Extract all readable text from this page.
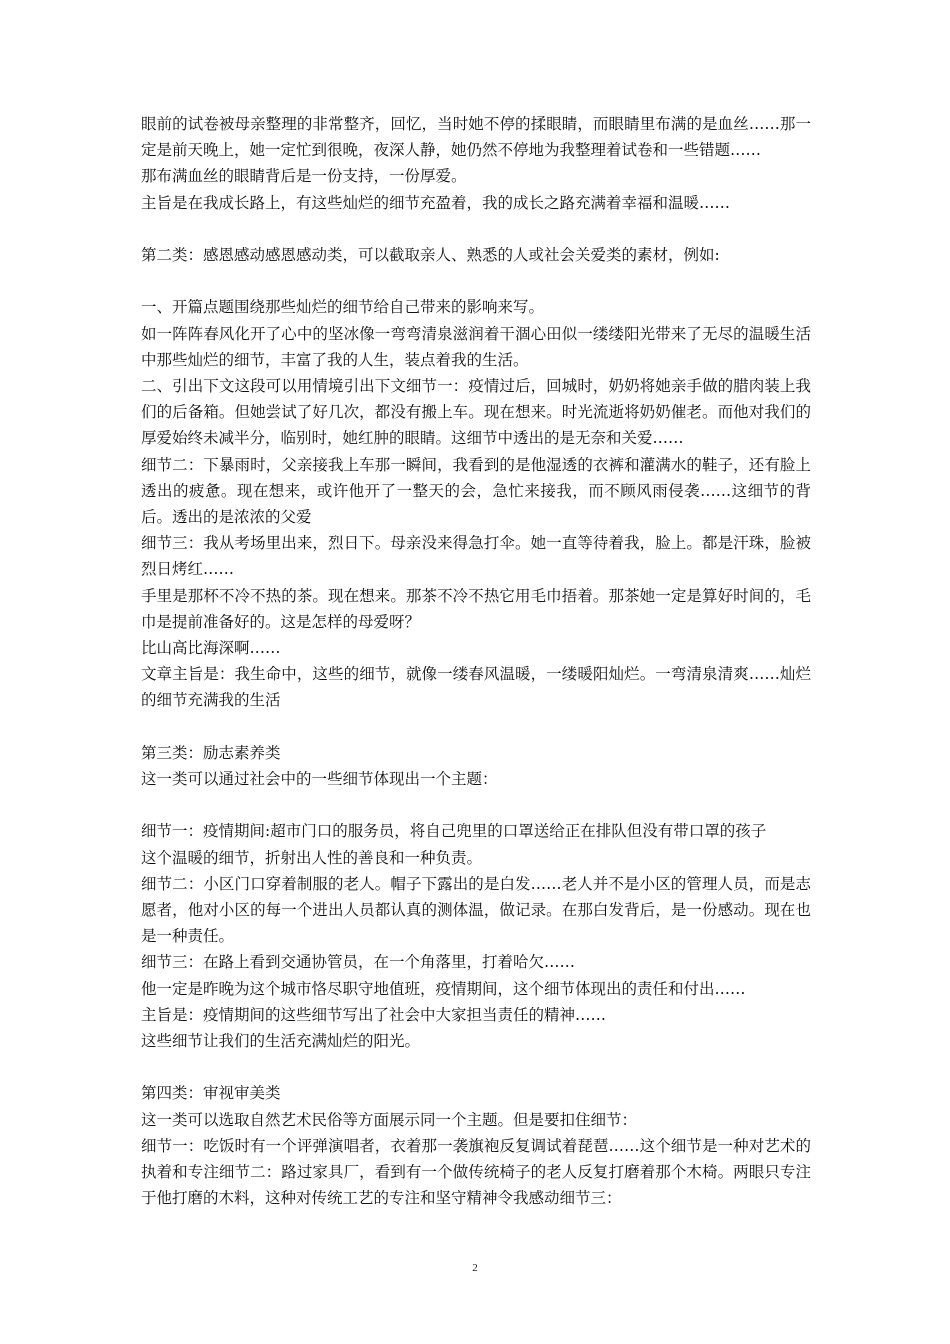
眼前的试卷被母亲整理的非常整齐，回忆，当时她不停的揉眼睛，而眼睛里布满的是血丝……那一定是前天晚上，她一定忙到很晚，夜深人静，她仍然不停地为我整理着试卷和一些错题……

那布满血丝的眼睛背后是一份支持，一份厚爱。

主旨是在我成长路上，有这些灿烂的细节充盈着，我的成长之路充满着幸福和温暖……

第二类：感恩感动感恩感动类，可以截取亲人、熟悉的人或社会关爱类的素材，例如:

一、开篇点题围绕那些灿烂的细节给自己带来的影响来写。

如一阵阵春风化开了心中的坚冰像一弯弯清泉滋润着干涸心田似一缕缕阳光带来了无尽的温暖生活中那些灿烂的细节，丰富了我的人生，装点着我的生活。

二、引出下文这段可以用情境引出下文细节一：疫情过后，回城时，奶奶将她亲手做的腊肉装上我们的后备箱。但她尝试了好几次，都没有搬上车。现在想来。时光流逝将奶奶催老。而他对我们的厚爱始终未减半分，临别时，她红肿的眼睛。这细节中透出的是无奈和关爱……

细节二：下暴雨时，父亲接我上车那一瞬间，我看到的是他湿透的衣裤和灌满水的鞋子，还有脸上透出的疲惫。现在想来，或许他开了一整天的会，急忙来接我，而不顾风雨侵袭……这细节的背后。透出的是浓浓的父爱

细节三：我从考场里出来，烈日下。母亲没来得急打伞。她一直等待着我，脸上。都是汗珠，脸被烈日烤红……

手里是那杯不冷不热的茶。现在想来。那茶不冷不热它用毛巾捂着。那茶她一定是算好时间的，毛巾是提前准备好的。这是怎样的母爱呀？

比山高比海深啊……

文章主旨是：我生命中，这些的细节，就像一缕春风温暖，一缕暖阳灿烂。一弯清泉清爽……灿烂的细节充满我的生活

第三类：励志素养类

这一类可以通过社会中的一些细节体现出一个主题：

细节一：疫情期间:超市门口的服务员，将自己兜里的口罩送给正在排队但没有带口罩的孩子

这个温暖的细节，折射出人性的善良和一种负责。

细节二：小区门口穿着制服的老人。帽子下露出的是白发……老人并不是小区的管理人员，而是志愿者，他对小区的每一个进出人员都认真的测体温，做记录。在那白发背后，是一份感动。现在也是一种责任。

细节三：在路上看到交通协管员，在一个角落里，打着哈欠……

他一定是昨晚为这个城市恪尽职守地值班，疫情期间，这个细节体现出的责任和付出……

主旨是：疫情期间的这些细节写出了社会中大家担当责任的精神……

这些细节让我们的生活充满灿烂的阳光。

第四类：审视审美类

这一类可以选取自然艺术民俗等方面展示同一个主题。但是要扣住细节：

细节一：吃饭时有一个评弹演唱者，衣着那一袭旗袍反复调试着琵琶……这个细节是一种对艺术的执着和专注细节二：路过家具厂，看到有一个做传统椅子的老人反复打磨着那个木椅。两眼只专注于他打磨的木料，这种对传统工艺的专注和坚守精神令我感动细节三：

2
